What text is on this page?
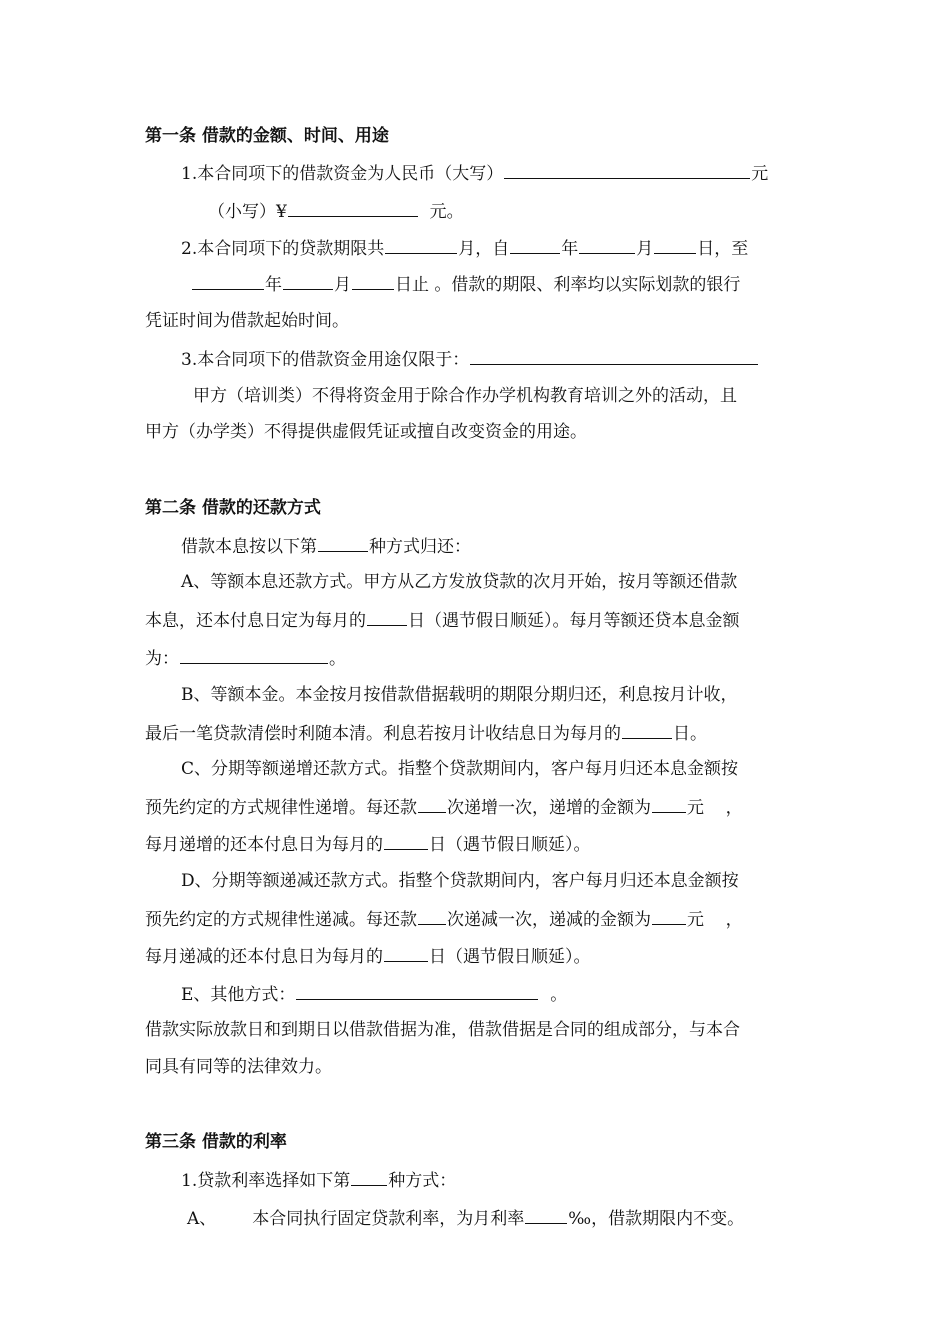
第一条 借款的金额、时间、用途
1.本合同项下的借款资金为人民币（大写）	元
（小写）¥	元。
2.本合同项下的贷款期限共	月，自	年	月	日，至
年	月	日止 。借款的期限、利率均以实际划款的银行
凭证时间为借款起始时间。
3.本合同项下的借款资金用途仅限于：
甲方（培训类）不得将资金用于除合作办学机构教育培训之外的活动，且
甲方（办学类）不得提供虚假凭证或擅自改变资金的用途。
第二条 借款的还款方式
借款本息按以下第	种方式归还：
A、等额本息还款方式。甲方从乙方发放贷款的次月开始，按月等额还借款
本息，还本付息日定为每月的 日（遇节假日顺延）。每月等额还贷本息金额
为：	。
B、等额本金。本金按月按借款借据载明的期限分期归还，利息按月计收，
最后一笔贷款清偿时利随本清。利息若按月计收结息日为每月的	日。
C、分期等额递增还款方式。指整个贷款期间内，客户每月归还本息金额按
预先约定的方式规律性递增。每还款 次递增一次，递增的金额为 元 ，
每月递增的还本付息日为每月的	日（遇节假日顺延）。
D、分期等额递减还款方式。指整个贷款期间内，客户每月归还本息金额按
预先约定的方式规律性递减。每还款 次递减一次，递减的金额为 元 ，
每月递减的还本付息日为每月的	日（遇节假日顺延）。
E、其他方式：	。
借款实际放款日和到期日以借款借据为准，借款借据是合同的组成部分，与本合
同具有同等的法律效力。
第三条 借款的利率
1.贷款利率选择如下第 种方式：
A、 本合同执行固定贷款利率，为月利率	‰，借款期限内不变。
